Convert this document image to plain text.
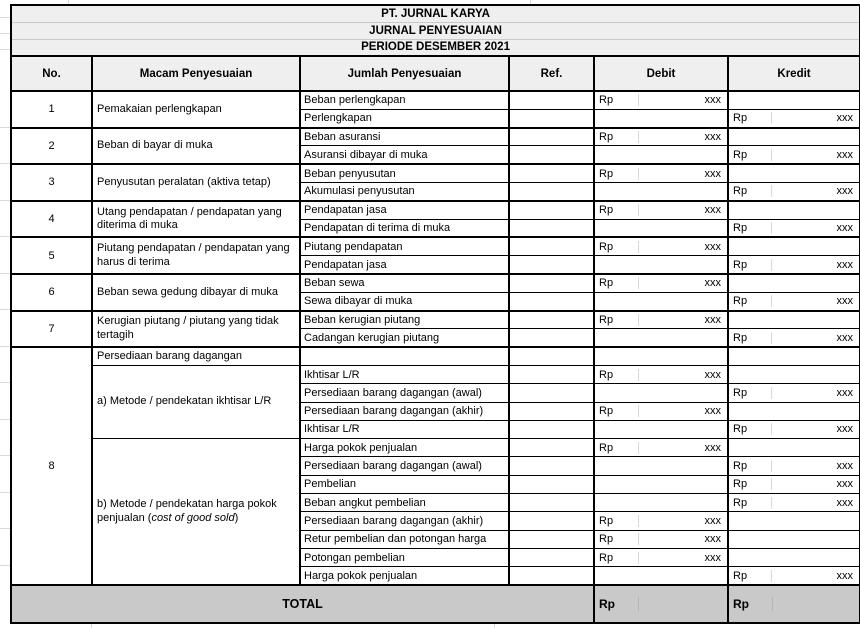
PT. JURNAL KARYA					
JURNAL PENYESUAIAN					
PERIODE DESEMBER 2021					
No.	Macam Penyesuaian	Jumlah Penyesuaian	Ref.	Debit	Kredit
1	Pemakaian perlengkapan	Beban perlengkapan		Rp xxx	

		Perlengkapan			Rp xxx

2	Beban di bayar di muka	Beban asuransi		Rp xxx	

		Asuransi dibayar di muka			Rp xxx

3	Penyusutan peralatan (aktiva tetap)	Beban penyusutan		Rp xxx	

		Akumulasi penyusutan			Rp xxx

4	Utang pendapatan / pendapatan yang diterima di muka	Pendapatan jasa		Rp xxx	

		Pendapatan di terima di muka			Rp xxx

5	Piutang pendapatan / pendapatan yang harus di terima	Piutang pendapatan		Rp xxx	

		Pendapatan jasa			Rp xxx

6	Beban sewa gedung dibayar di muka	Beban sewa		Rp xxx	

		Sewa dibayar di muka			Rp xxx

7	Kerugian piutang / piutang yang tidak tertagih	Beban kerugian piutang		Rp xxx	

		Cadangan kerugian piutang			Rp xxx

8	Persediaan barang dagangan			

	a) Metode / pendekatan ikhtisar L/R	Ikhtisar L/R		Rp xxx	

		Persediaan barang dagangan (awal)			Rp xxx

		Persediaan barang dagangan (akhir)		Rp xxx	

		Ikhtisar L/R			Rp xxx

	b) Metode / pendekatan harga pokok penjualan (cost of good sold)	Harga pokok penjualan		Rp xxx	

		Persediaan barang dagangan (awal)			Rp xxx

		Pembelian			Rp xxx

		Beban angkut pembelian			Rp xxx

		Persediaan barang dagangan (akhir)		Rp xxx	

		Retur pembelian dan potongan harga		Rp xxx	

		Potongan pembelian		Rp xxx	

		Harga pokok penjualan			Rp xxx

TOTAL				Rp	Rp
